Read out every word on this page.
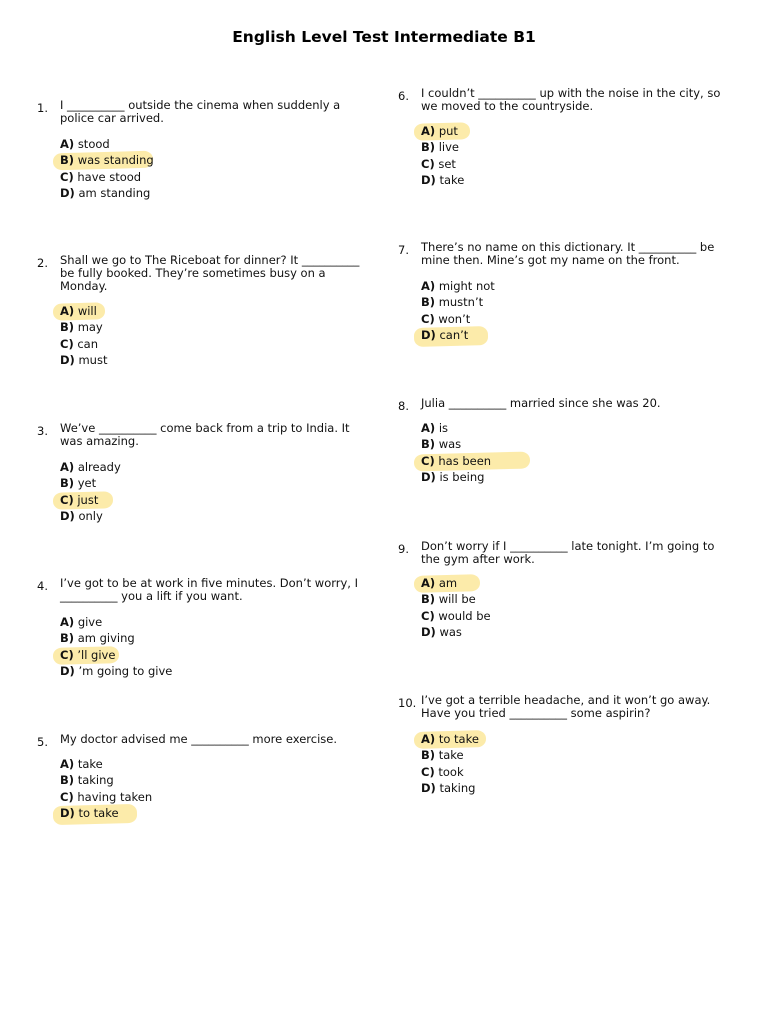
English Level Test Intermediate B1
1. I __________ outside the cinema when suddenly a
police car arrived.
A) stood
B) was standing
C) have stood
D) am standing
2. Shall we go to The Riceboat for dinner? It __________
be fully booked. They’re sometimes busy on a
Monday.
A) will
B) may
C) can
D) must
3. We’ve __________ come back from a trip to India. It
was amazing.
A) already
B) yet
C) just
D) only
4. I’ve got to be at work in five minutes. Don’t worry, I
__________ you a lift if you want.
A) give
B) am giving
C) ’ll give
D) ’m going to give
5. My doctor advised me __________ more exercise.
A) take
B) taking
C) having taken
D) to take
6. I couldn’t __________ up with the noise in the city, so
we moved to the countryside.
A) put
B) live
C) set
D) take
7. There’s no name on this dictionary. It __________ be
mine then. Mine’s got my name on the front.
A) might not
B) mustn’t
C) won’t
D) can’t
8. Julia __________ married since she was 20.
A) is
B) was
C) has been
D) is being
9. Don’t worry if I __________ late tonight. I’m going to
the gym after work.
A) am
B) will be
C) would be
D) was
10. I’ve got a terrible headache, and it won’t go away.
Have you tried __________ some aspirin?
A) to take
B) take
C) took
D) taking
